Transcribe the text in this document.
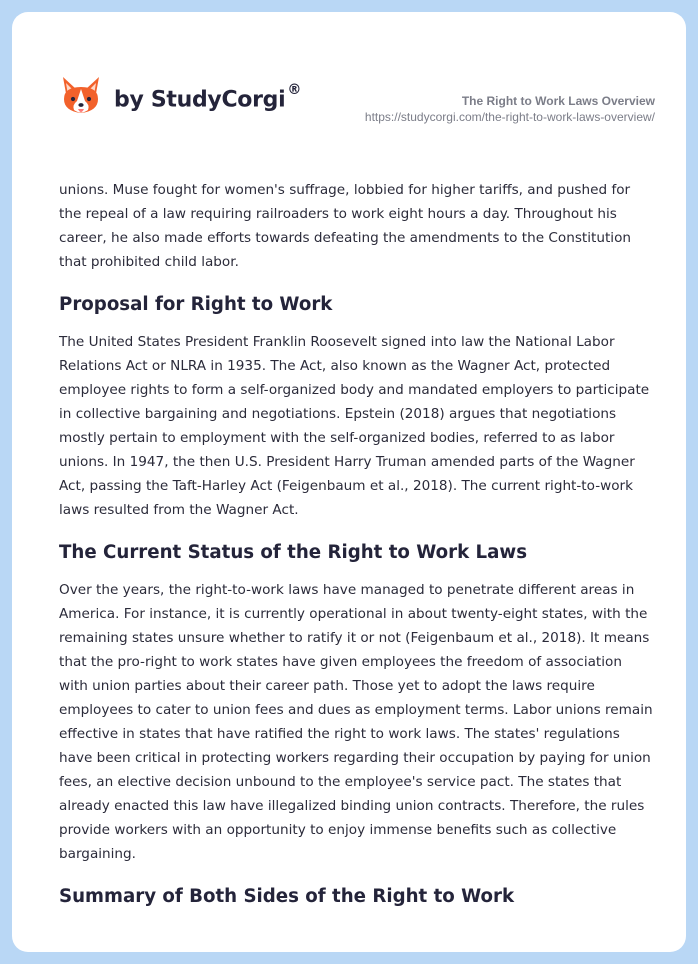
by StudyCorgi ®
The Right to Work Laws Overview
https://studycorgi.com/the-right-to-work-laws-overview/

unions. Muse fought for women's suffrage, lobbied for higher tariffs, and pushed for the repeal of a law requiring railroaders to work eight hours a day. Throughout his career, he also made efforts towards defeating the amendments to the Constitution that prohibited child labor.

Proposal for Right to Work

The United States President Franklin Roosevelt signed into law the National Labor Relations Act or NLRA in 1935. The Act, also known as the Wagner Act, protected employee rights to form a self-organized body and mandated employers to participate in collective bargaining and negotiations. Epstein (2018) argues that negotiations mostly pertain to employment with the self-organized bodies, referred to as labor unions. In 1947, the then U.S. President Harry Truman amended parts of the Wagner Act, passing the Taft-Harley Act (Feigenbaum et al., 2018). The current right-to-work laws resulted from the Wagner Act.

The Current Status of the Right to Work Laws

Over the years, the right-to-work laws have managed to penetrate different areas in America. For instance, it is currently operational in about twenty-eight states, with the remaining states unsure whether to ratify it or not (Feigenbaum et al., 2018). It means that the pro-right to work states have given employees the freedom of association with union parties about their career path. Those yet to adopt the laws require employees to cater to union fees and dues as employment terms. Labor unions remain effective in states that have ratified the right to work laws. The states' regulations have been critical in protecting workers regarding their occupation by paying for union fees, an elective decision unbound to the employee's service pact. The states that already enacted this law have illegalized binding union contracts. Therefore, the rules provide workers with an opportunity to enjoy immense benefits such as collective bargaining.

Summary of Both Sides of the Right to Work
